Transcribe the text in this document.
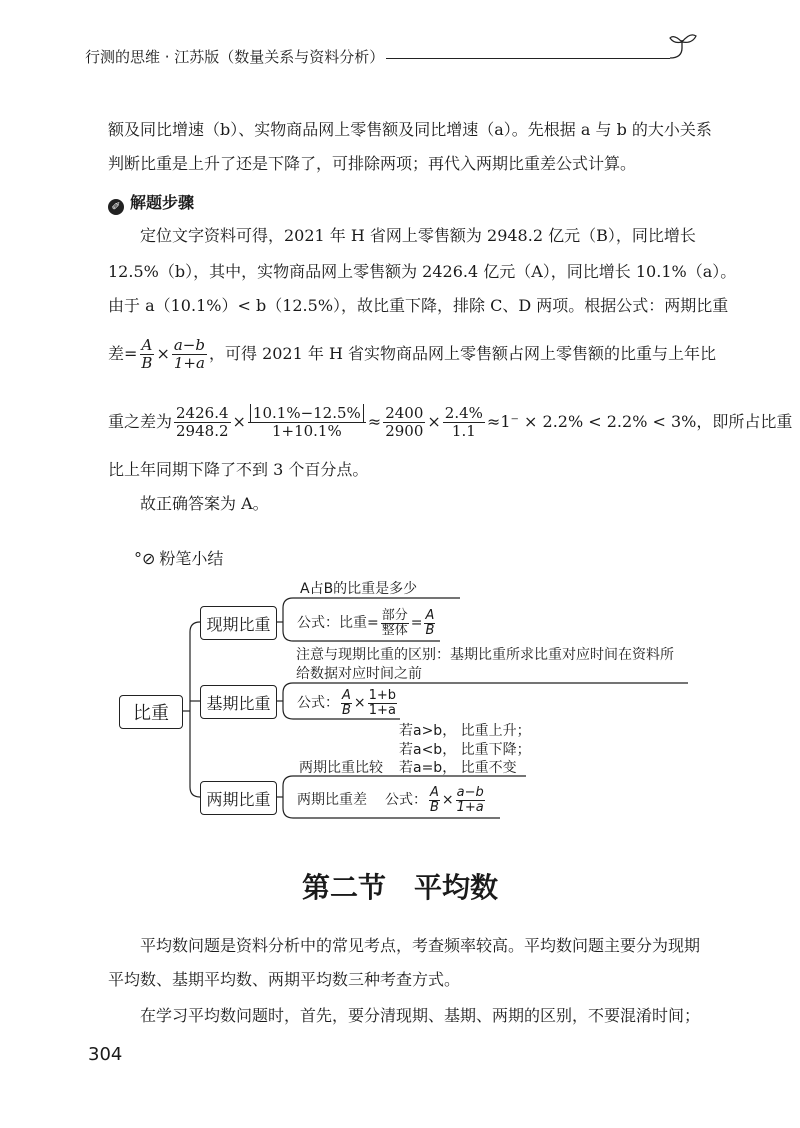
行测的思维 · 江苏版（数量关系与资料分析）
额及同比增速（b）、实物商品网上零售额及同比增速（a）。先根据 a 与 b 的大小关系
判断比重是上升了还是下降了，可排除两项；再代入两期比重差公式计算。
✐ 解题步骤
定位文字资料可得，2021 年 H 省网上零售额为 2948.2 亿元（B），同比增长
12.5%（b），其中，实物商品网上零售额为 2426.4 亿元（A），同比增长 10.1%（a）。
由于 a（10.1%）< b（12.5%），故比重下降，排除 C、D 两项。根据公式：两期比重
差= $\frac{A}{B} \times \frac{a-b}{1+a}$ ，可得 2021 年 H 省实物商品网上零售额占网上零售额的比重与上年比
重之差为 $\frac{2426.4}{2948.2} \times \frac{10.1\%-12.5\%}{1+10.1\%} \approx \frac{2400}{2900} \times \frac{2.4\%}{1.1} \approx 1^- \times 2.2\% < 2.2\% < 3\%$，即所占比重
比上年同期下降了不到 3 个百分点。
故正确答案为 A。
°⊘ 粉笔小结
比重
现期比重
基期比重
两期比重
A占B的比重是多少
公式：比重= $\frac{\text{部分}}{\text{整体}} = \frac{A}{B}$
注意与现期比重的区别：基期比重所求比重对应时间在资料所
给数据对应时间之前
公式： $\frac{A}{B} \times \frac{1+b}{1+a}$
若a>b， 比重上升；
若a<b， 比重下降；
两期比重比较 若a=b， 比重不变
两期比重差 公式： $\frac{A}{B} \times \frac{a-b}{1+a}$
第二节　平均数
平均数问题是资料分析中的常见考点，考查频率较高。平均数问题主要分为现期
平均数、基期平均数、两期平均数三种考查方式。
在学习平均数问题时，首先，要分清现期、基期、两期的区别，不要混淆时间；
304
